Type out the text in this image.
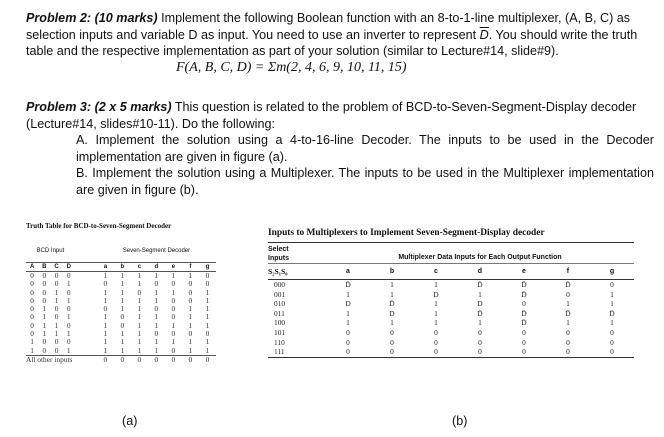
Problem 2: (10 marks) Implement the following Boolean function with an 8-to-1-line multiplexer, (A, B, C) as selection inputs and variable D as input. You need to use an inverter to represent $\overline{D}$. You should write the truth table and the respective implementation as part of your solution (similar to Lecture#14, slide#9).
F(A, B, C, D) = Σm(2, 4, 6, 9, 10, 11, 15)
Problem 3: (2 x 5 marks) This question is related to the problem of BCD-to-Seven-Segment-Display decoder (Lecture#14, slides#10-11). Do the following:
A. Implement the solution using a 4-to-16-line Decoder. The inputs to be used in the Decoder implementation are given in figure (a).
B. Implement the solution using a Multiplexer. The inputs to be used in the Multiplexer implementation are given in figure (b).
Truth Table for BCD-to-Seven-Segment Decoder
BCD Input					Seven-Segment Decoder						
A	B	C	D		a	b	c	d	e	f	g
0	0	0	0		1	1	1	1	1	1	0
0	0	0	1		0	1	1	0	0	0	0
0	0	1	0		1	1	0	1	1	0	1
0	0	1	1		1	1	1	1	0	0	1
0	1	0	0		0	1	1	0	0	1	1
0	1	0	1		1	0	1	1	0	1	1
0	1	1	0		1	0	1	1	1	1	1
0	1	1	1		1	1	1	0	0	0	0
1	0	0	0		1	1	1	1	1	1	1
1	0	0	1		1	1	1	1	0	1	1
All other inputs					0	0	0	0	0	0	0
(a)
Inputs to Multiplexers to Implement Seven-Segment-Display decoder
Select
Inputs	Multiplexer Data Inputs for Each Output Function						
S₂S₁S₀	a	b	c	d	e	f	g
000	D̄	1	1	D̄	D̄	D̄	0
001	1	1	D	1	D̄	0	1
010	D	D̄	1	D	0	1	1
011	1	D	1	D̄	D̄	D̄	D̄
100	1	1	1	1	D̄	1	1
101	0	0	0	0	0	0	0
110	0	0	0	0	0	0	0
111	0	0	0	0	0	0	0
(b)
